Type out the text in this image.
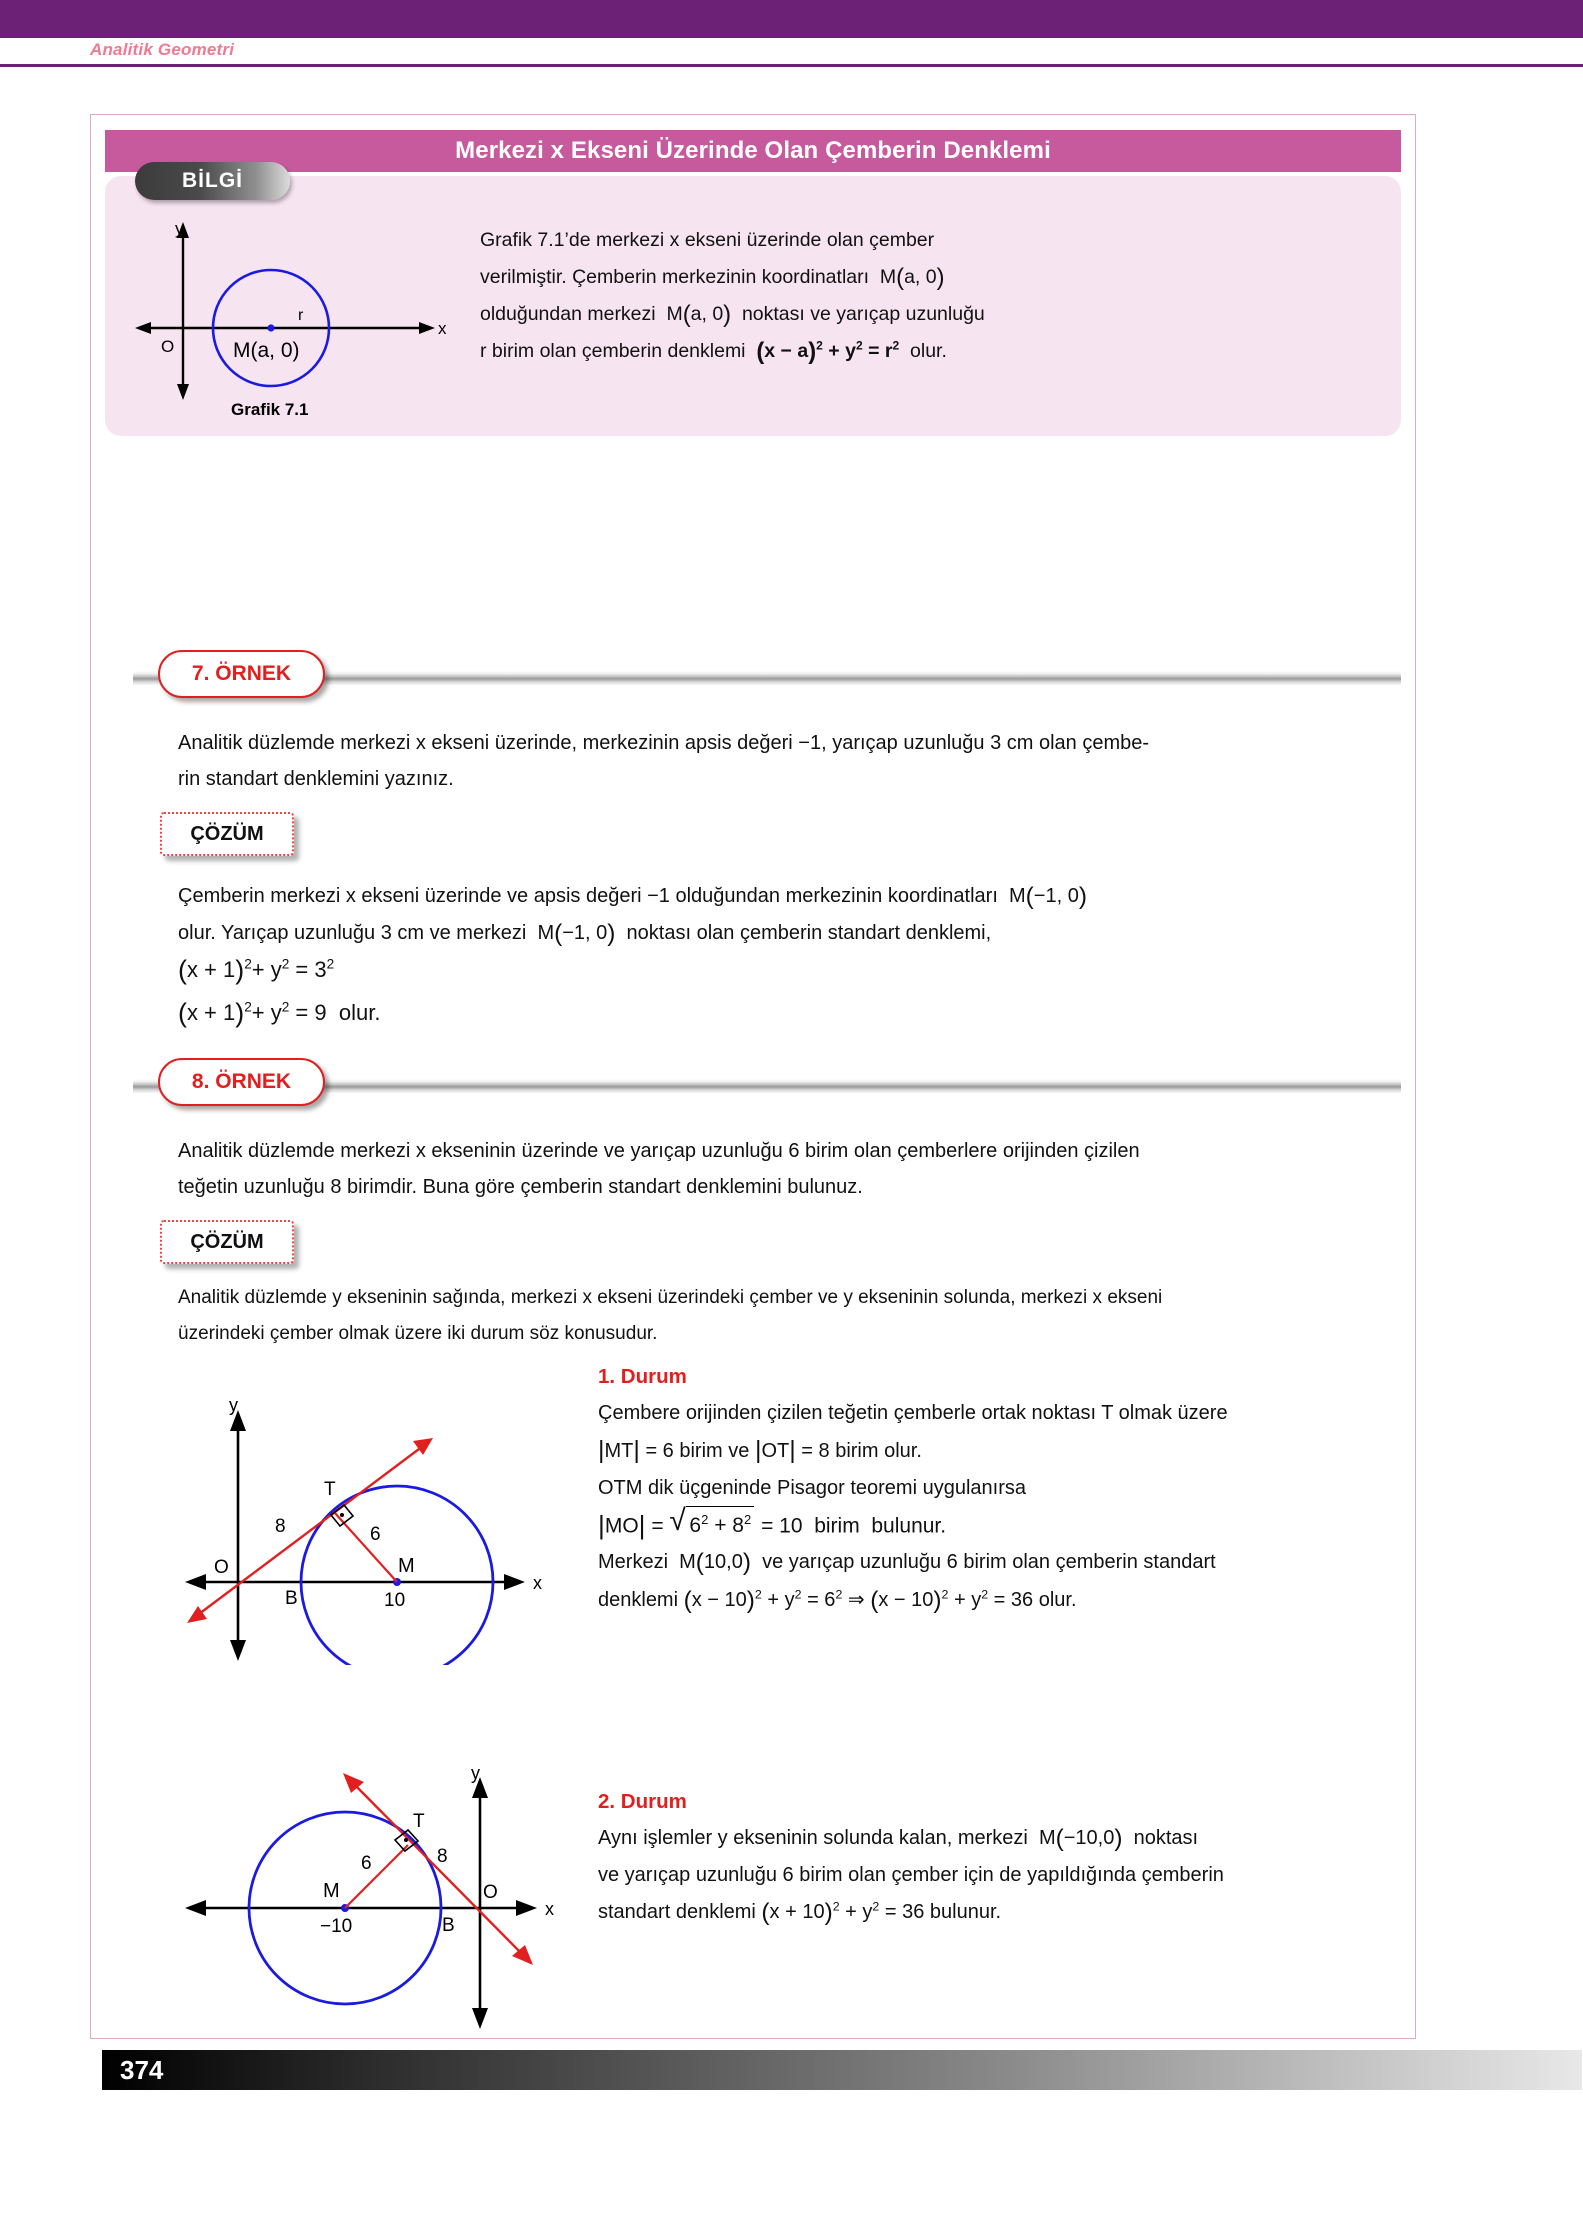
Analitik Geometri
Merkezi x Ekseni Üzerinde Olan Çemberin Denklemi
BİLGİ
y
x
O
r
M(a, 0)
Grafik 7.1
Grafik 7.1’de merkezi x ekseni üzerinde olan çember
verilmiştir. Çemberin merkezinin koordinatları  M(a, 0)
olduğundan merkezi  M(a, 0) noktası ve yarıçap uzunluğu
r birim olan çemberin denklemi $(x - a)^2 + y^2 = r^2$ olur.
7. ÖRNEK
Analitik düzlemde merkezi x ekseni üzerinde, merkezinin apsis değeri −1, yarıçap uzunluğu 3 cm olan çembe-
rin standart denklemini yazınız.
ÇÖZÜM
Çemberin merkezi x ekseni üzerinde ve apsis değeri −1 olduğundan merkezinin koordinatları  M(−1, 0)
olur. Yarıçap uzunluğu 3 cm ve merkezi  M(−1, 0) noktası olan çemberin standart denklemi,
$(x + 1)^2+ y^2 = 3^2$
$(x + 1)^2+ y^2 = 9$  olur.
8. ÖRNEK
Analitik düzlemde merkezi x ekseninin üzerinde ve yarıçap uzunluğu 6 birim olan çemberlere orijinden çizilen
teğetin uzunluğu 8 birimdir. Buna göre çemberin standart denklemini bulunuz.
ÇÖZÜM
Analitik düzlemde y ekseninin sağında, merkezi x ekseni üzerindeki çember ve y ekseninin solunda, merkezi x ekseni
üzerindeki çember olmak üzere iki durum söz konusudur.
y
x
O
T
8	6
M
B	10
1. Durum
Çembere orijinden çizilen teğetin çemberle ortak noktası T olmak üzere
|MT| = 6 birim ve |OT| = 8 birim olur.
OTM dik üçgeninde Pisagor teoremi uygulanırsa
|MO| =
√ $6^2 + 8^2 = 10$  birim  bulunur.
Merkezi  M(10,0)  ve yarıçap uzunluğu 6 birim olan çemberin standart
denklemi $(x - 10)^2 + y^2 = 6^2$ ⇒ $(x - 10)^2 + y^2 = 36$ olur.
y
x
O
T
8
6
M
B
−10
2. Durum
Aynı işlemler y ekseninin solunda kalan, merkezi  M(−10,0)  noktası
ve yarıçap uzunluğu 6 birim olan çember için de yapıldığında çemberin
standart denklemi $(x + 10)^2 + y^2 = 36$ bulunur.
374
